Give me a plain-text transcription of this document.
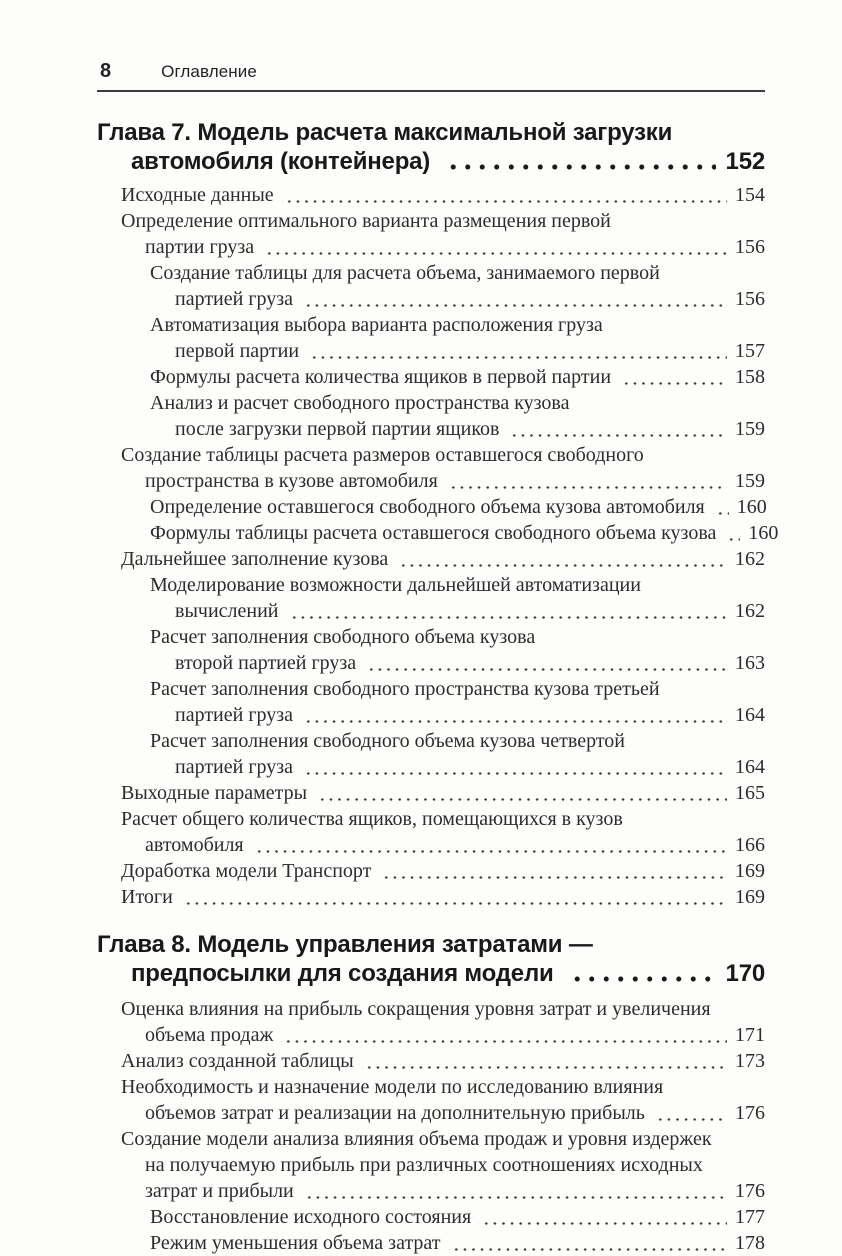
8	Оглавление
Глава 7. Модель расчета максимальной загрузки
автомобиля (контейнера)	152
Исходные данные	154
Определение оптимального варианта размещения первой
партии груза	156
Создание таблицы для расчета объема, занимаемого первой
партией груза	156
Автоматизация выбора варианта расположения груза
первой партии	157
Формулы расчета количества ящиков в первой партии	158
Анализ и расчет свободного пространства кузова
после загрузки первой партии ящиков	159
Создание таблицы расчета размеров оставшегося свободного
пространства в кузове автомобиля	159
Определение оставшегося свободного объема кузова автомобиля 160
Формулы таблицы расчета оставшегося свободного объема кузова 160
Дальнейшее заполнение кузова	162
Моделирование возможности дальнейшей автоматизации
вычислений	162
Расчет заполнения свободного объема кузова
второй партией груза	163
Расчет заполнения свободного пространства кузова третьей
партией груза	164
Расчет заполнения свободного объема кузова четвертой
партией груза	164
Выходные параметры	165
Расчет общего количества ящиков, помещающихся в кузов
автомобиля	166
Доработка модели Транспорт	169
Итоги	169
Глава 8. Модель управления затратами —
предпосылки для создания модели	170
Оценка влияния на прибыль сокращения уровня затрат и увеличения
объема продаж	171
Анализ созданной таблицы	173
Необходимость и назначение модели по исследованию влияния
объемов затрат и реализации на дополнительную прибыль	176
Создание модели анализа влияния объема продаж и уровня издержек
на получаемую прибыль при различных соотношениях исходных
затрат и прибыли	176
Восстановление исходного состояния	177
Режим уменьшения объема затрат	178
